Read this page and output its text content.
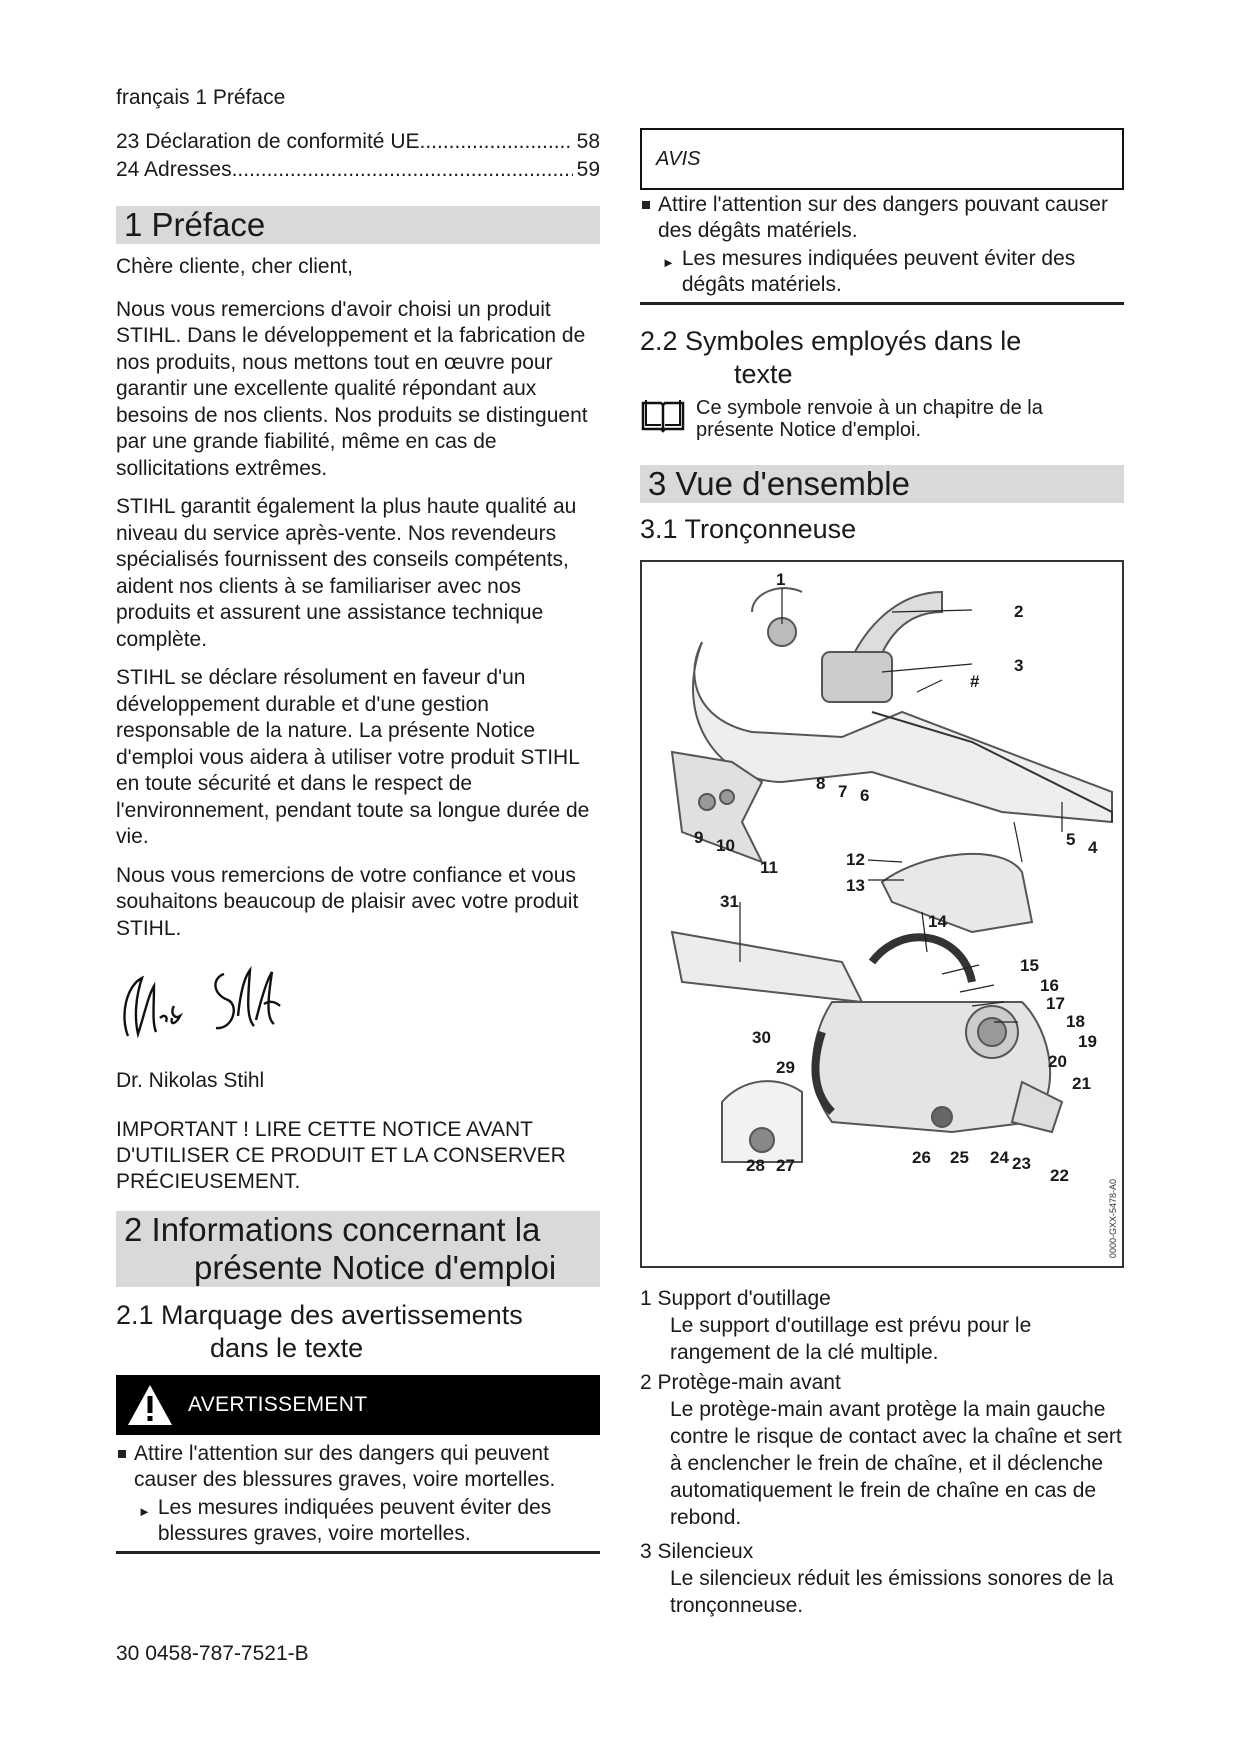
français 1 Préface
23 Déclaration de conformité UE .....	58
24 Adresses .....	59
1 Préface

Chère cliente, cher client,

Nous vous remercions d'avoir choisi un produit STIHL. Dans le développement et la fabrication de nos produits, nous mettons tout en œuvre pour garantir une excellente qualité répondant aux besoins de nos clients. Nos produits se distinguent par une grande fiabilité, même en cas de sollicitations extrêmes.

STIHL garantit également la plus haute qualité au niveau du service après-vente. Nos revendeurs spécialisés fournissent des conseils compétents, aident nos clients à se familiariser avec nos produits et assurent une assistance technique complète.

STIHL se déclare résolument en faveur d'un développement durable et d'une gestion responsable de la nature. La présente Notice d'emploi vous aidera à utiliser votre produit STIHL en toute sécurité et dans le respect de l'environnement, pendant toute sa longue durée de vie.

Nous vous remercions de votre confiance et vous souhaitons beaucoup de plaisir avec votre produit STIHL.

Dr. Nikolas Stihl

IMPORTANT ! LIRE CETTE NOTICE AVANT D'UTILISER CE PRODUIT ET LA CONSERVER PRÉCIEUSEMENT.

2 Informations concernant la
présente Notice d'emploi
2.1 Marquage des avertissements
dans le texte
AVERTISSEMENT
Attire l'attention sur des dangers qui peuvent causer des blessures graves, voire mortelles.
► Les mesures indiquées peuvent éviter des blessures graves, voire mortelles.
AVIS
Attire l'attention sur des dangers pouvant causer des dégâts matériels.
► Les mesures indiquées peuvent éviter des dégâts matériels.
2.2 Symboles employés dans le
texte

Ce symbole renvoie à un chapitre de la présente Notice d'emploi.

3 Vue d'ensemble
3.1 Tronçonneuse
1
2
3
#
4
5
6
7
8
9 10
11	12
13
14
15
16
17
18
19
20
21
22
23
24
25
26
27
28
29
30
31
0000-GXX-5478-A0
1 Support d'outillage
Le support d'outillage est prévu pour le rangement de la clé multiple.
2 Protège-main avant
Le protège-main avant protège la main gauche contre le risque de contact avec la chaîne et sert à enclencher le frein de chaîne, et il déclenche automatiquement le frein de chaîne en cas de rebond.
3 Silencieux
Le silencieux réduit les émissions sonores de la tronçonneuse.
30 0458-787-7521-B
